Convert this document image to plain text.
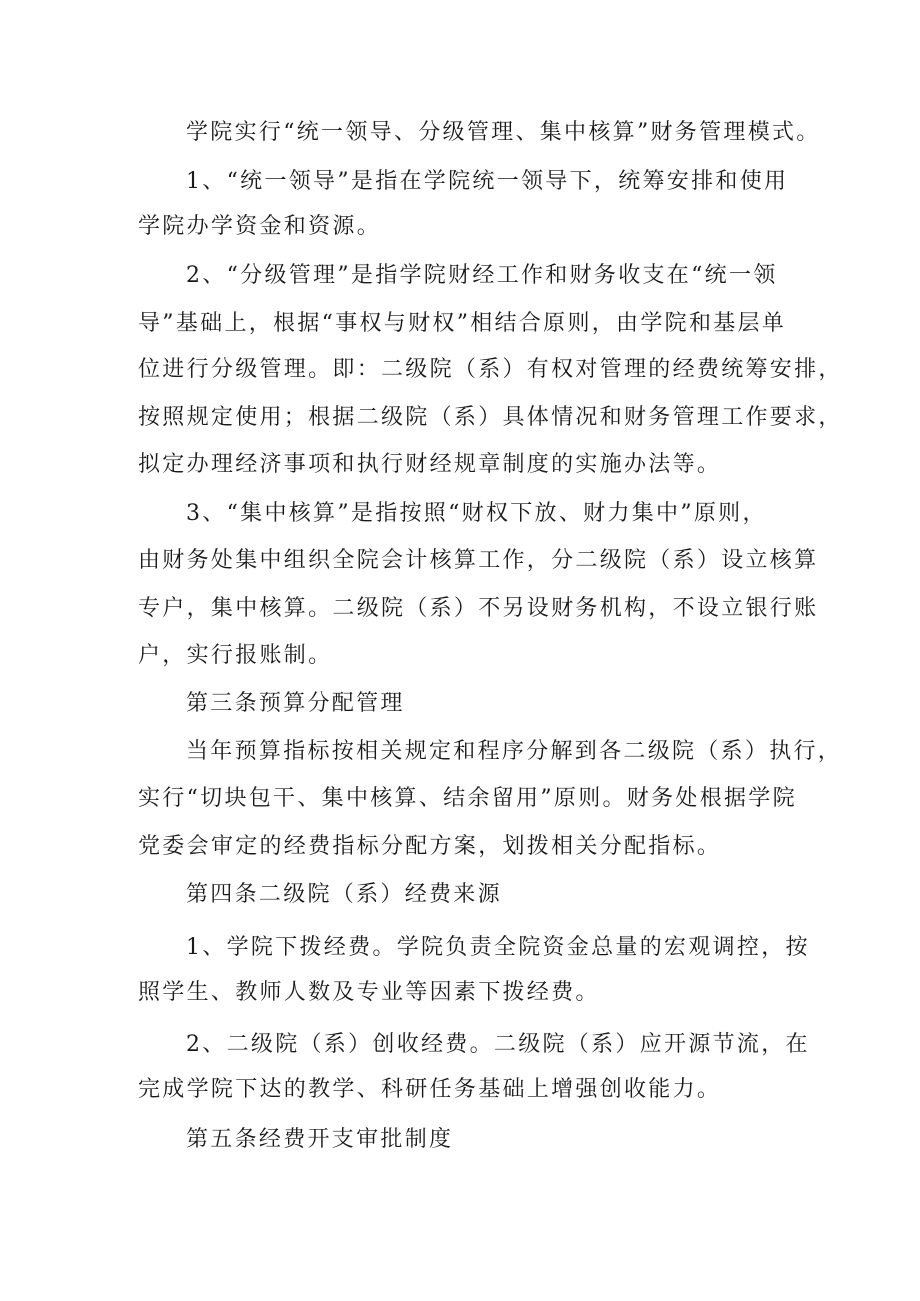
学院实行“统一领导、分级管理、集中核算”财务管理模式。
1、“统一领导”是指在学院统一领导下，统筹安排和使用
学院办学资金和资源。
2、“分级管理”是指学院财经工作和财务收支在“统一领
导”基础上，根据“事权与财权”相结合原则，由学院和基层单
位进行分级管理。即：二级院（系）有权对管理的经费统筹安排，
按照规定使用；根据二级院（系）具体情况和财务管理工作要求，
拟定办理经济事项和执行财经规章制度的实施办法等。
3、“集中核算”是指按照“财权下放、财力集中”原则，
由财务处集中组织全院会计核算工作，分二级院（系）设立核算
专户，集中核算。二级院（系）不另设财务机构，不设立银行账
户，实行报账制。
第三条预算分配管理
当年预算指标按相关规定和程序分解到各二级院（系）执行，
实行“切块包干、集中核算、结余留用”原则。财务处根据学院
党委会审定的经费指标分配方案，划拨相关分配指标。
第四条二级院（系）经费来源
1、学院下拨经费。学院负责全院资金总量的宏观调控，按
照学生、教师人数及专业等因素下拨经费。
2、二级院（系）创收经费。二级院（系）应开源节流，在
完成学院下达的教学、科研任务基础上增强创收能力。
第五条经费开支审批制度
